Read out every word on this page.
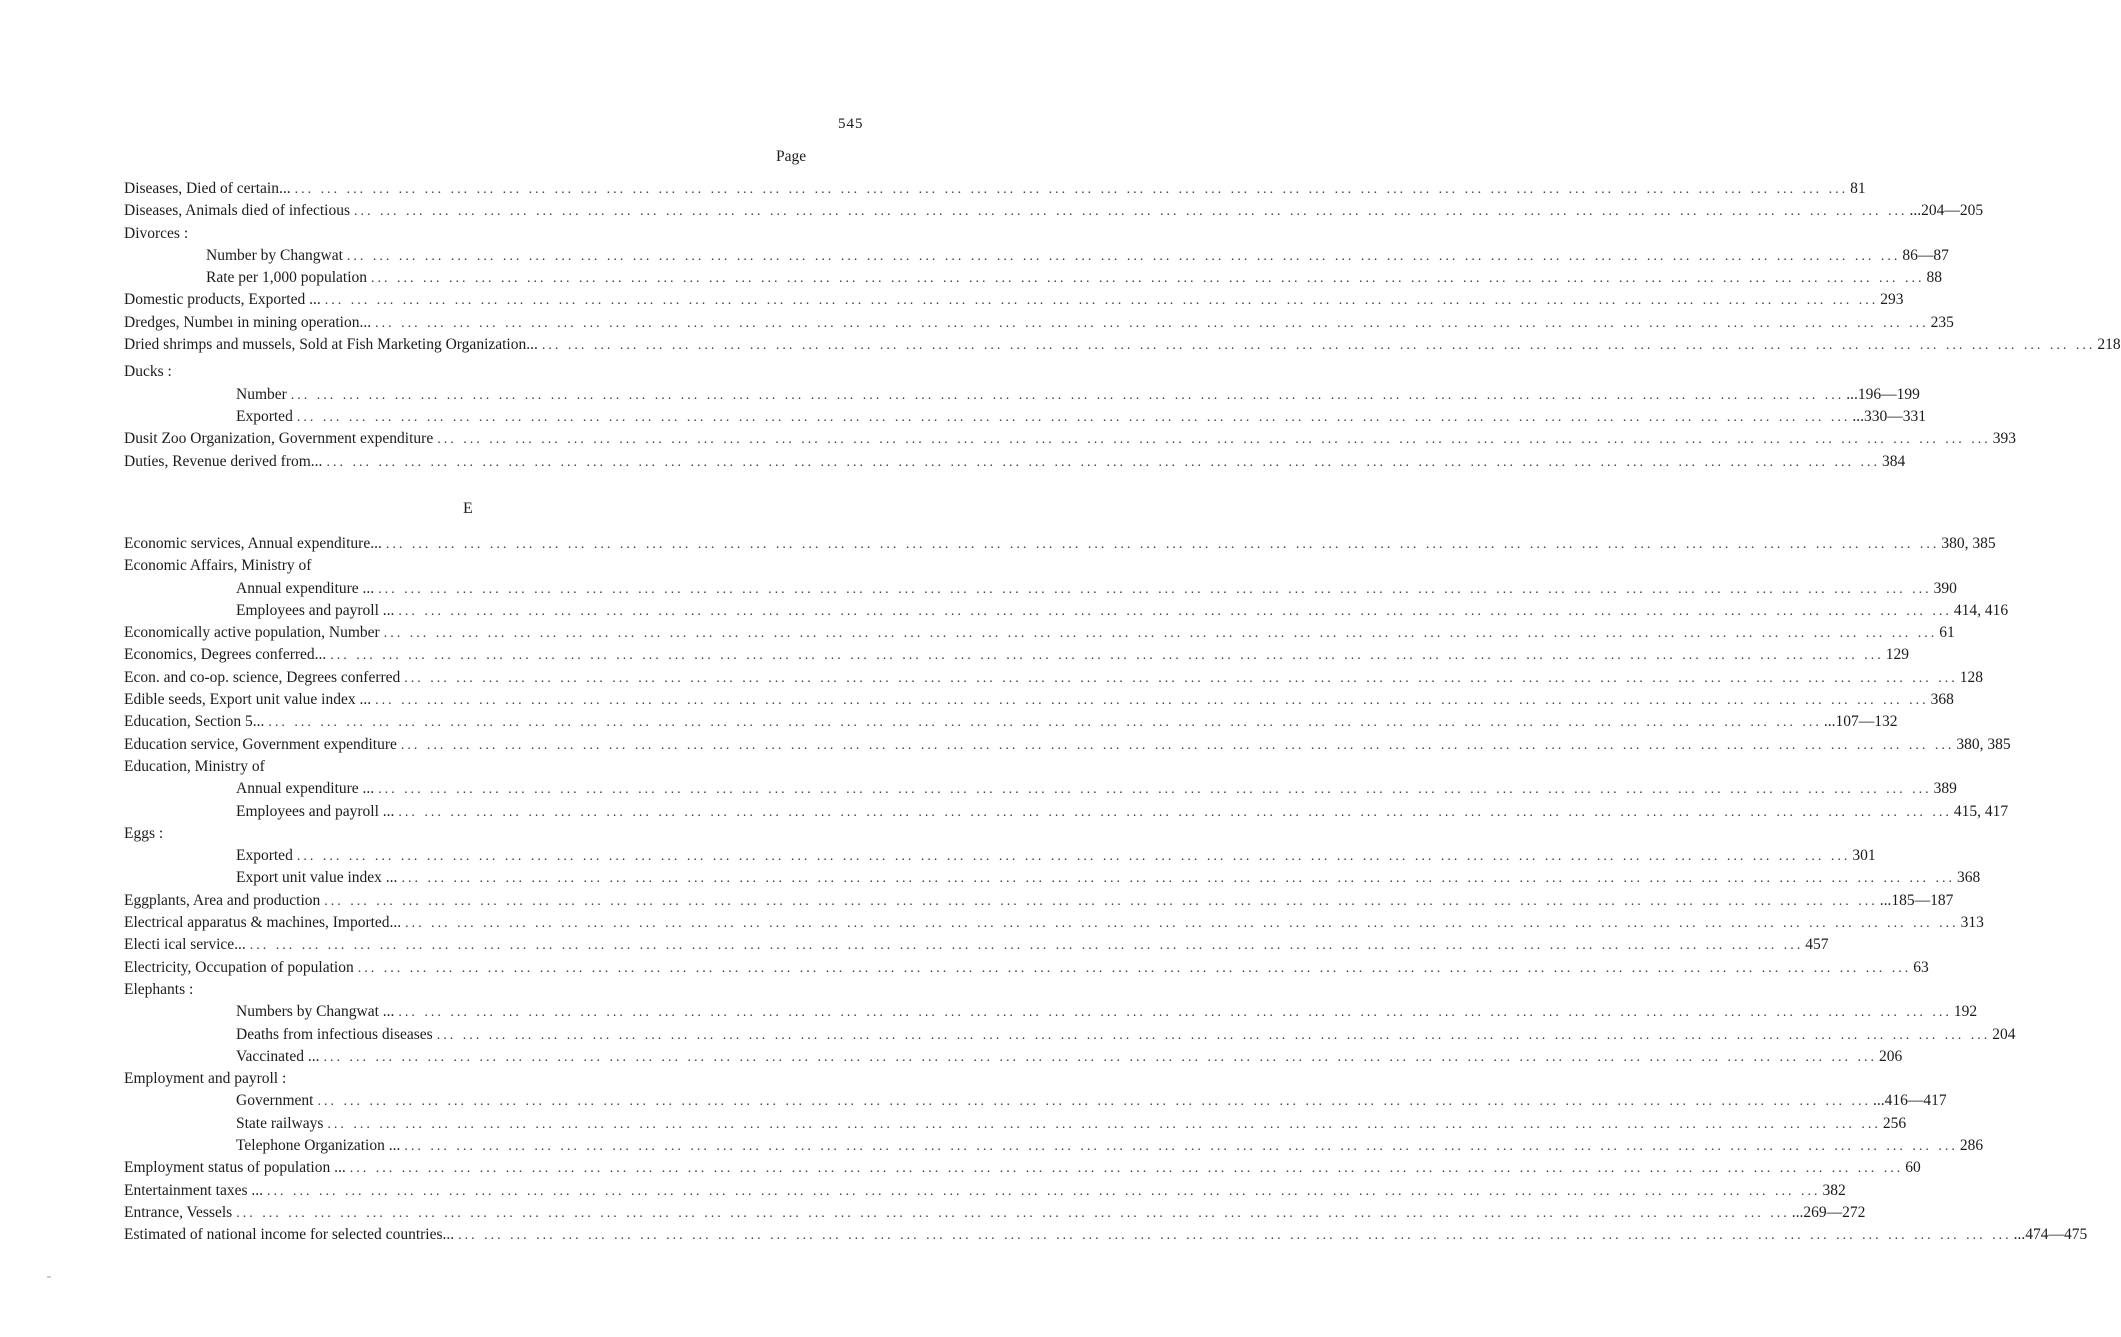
545
Page
Diseases, Died of certain... ... ... ... ... ... ... ... ... ... ... ... ... ... ... ... ... ... ... ... ... ... ... ... ... ... ... ... ... ... ... ... ... ... ... ... ... ... ... ... ... ... ... ... ... ... ... ... ... ... ... ... ... ... ... ... ... ... ... ... ... 81
Diseases, Animals died of infectious ... ... ... ... ... ... ... ... ... ... ... ... ... ... ... ... ... ... ... ... ... ... ... ... ... ... ... ... ... ... ... ... ... ... ... ... ... ... ... ... ... ... ... ... ... ... ... ... ... ... ... ... ... ... ... ... ... ... ... ... ...204—205
Divorces :
Number by Changwat ... ... ... ... ... ... ... ... ... ... ... ... ... ... ... ... ... ... ... ... ... ... ... ... ... ... ... ... ... ... ... ... ... ... ... ... ... ... ... ... ... ... ... ... ... ... ... ... ... ... ... ... ... ... ... ... ... ... ... ... 86—87
Rate per 1,000 population ... ... ... ... ... ... ... ... ... ... ... ... ... ... ... ... ... ... ... ... ... ... ... ... ... ... ... ... ... ... ... ... ... ... ... ... ... ... ... ... ... ... ... ... ... ... ... ... ... ... ... ... ... ... ... ... ... ... ... ... 88
Domestic products, Exported ... ... ... ... ... ... ... ... ... ... ... ... ... ... ... ... ... ... ... ... ... ... ... ... ... ... ... ... ... ... ... ... ... ... ... ... ... ... ... ... ... ... ... ... ... ... ... ... ... ... ... ... ... ... ... ... ... ... ... ... ... 293
Dredges, Numbeı in mining operation... ... ... ... ... ... ... ... ... ... ... ... ... ... ... ... ... ... ... ... ... ... ... ... ... ... ... ... ... ... ... ... ... ... ... ... ... ... ... ... ... ... ... ... ... ... ... ... ... ... ... ... ... ... ... ... ... ... ... ... ... 235
Dried shrimps and mussels, Sold at Fish Marketing Organization... ... ... ... ... ... ... ... ... ... ... ... ... ... ... ... ... ... ... ... ... ... ... ... ... ... ... ... ... ... ... ... ... ... ... ... ... ... ... ... ... ... ... ... ... ... ... ... ... ... ... ... ... ... ... ... ... ... ... ... ... 218
Ducks :
Number ... ... ... ... ... ... ... ... ... ... ... ... ... ... ... ... ... ... ... ... ... ... ... ... ... ... ... ... ... ... ... ... ... ... ... ... ... ... ... ... ... ... ... ... ... ... ... ... ... ... ... ... ... ... ... ... ... ... ... ... ...196—199
Exported ... ... ... ... ... ... ... ... ... ... ... ... ... ... ... ... ... ... ... ... ... ... ... ... ... ... ... ... ... ... ... ... ... ... ... ... ... ... ... ... ... ... ... ... ... ... ... ... ... ... ... ... ... ... ... ... ... ... ... ... ...330—331
Dusit Zoo Organization, Government expenditure ... ... ... ... ... ... ... ... ... ... ... ... ... ... ... ... ... ... ... ... ... ... ... ... ... ... ... ... ... ... ... ... ... ... ... ... ... ... ... ... ... ... ... ... ... ... ... ... ... ... ... ... ... ... ... ... ... ... ... ... 393
Duties, Revenue derived from... ... ... ... ... ... ... ... ... ... ... ... ... ... ... ... ... ... ... ... ... ... ... ... ... ... ... ... ... ... ... ... ... ... ... ... ... ... ... ... ... ... ... ... ... ... ... ... ... ... ... ... ... ... ... ... ... ... ... ... ... 384
E
Economic services, Annual expenditure... ... ... ... ... ... ... ... ... ... ... ... ... ... ... ... ... ... ... ... ... ... ... ... ... ... ... ... ... ... ... ... ... ... ... ... ... ... ... ... ... ... ... ... ... ... ... ... ... ... ... ... ... ... ... ... ... ... ... ... ... 380, 385
Economic Affairs, Ministry of
Annual expenditure ... ... ... ... ... ... ... ... ... ... ... ... ... ... ... ... ... ... ... ... ... ... ... ... ... ... ... ... ... ... ... ... ... ... ... ... ... ... ... ... ... ... ... ... ... ... ... ... ... ... ... ... ... ... ... ... ... ... ... ... ... 390
Employees and payroll ... ... ... ... ... ... ... ... ... ... ... ... ... ... ... ... ... ... ... ... ... ... ... ... ... ... ... ... ... ... ... ... ... ... ... ... ... ... ... ... ... ... ... ... ... ... ... ... ... ... ... ... ... ... ... ... ... ... ... ... ... 414, 416
Economically active population, Number ... ... ... ... ... ... ... ... ... ... ... ... ... ... ... ... ... ... ... ... ... ... ... ... ... ... ... ... ... ... ... ... ... ... ... ... ... ... ... ... ... ... ... ... ... ... ... ... ... ... ... ... ... ... ... ... ... ... ... ... 61
Economics, Degrees conferred... ... ... ... ... ... ... ... ... ... ... ... ... ... ... ... ... ... ... ... ... ... ... ... ... ... ... ... ... ... ... ... ... ... ... ... ... ... ... ... ... ... ... ... ... ... ... ... ... ... ... ... ... ... ... ... ... ... ... ... ... 129
Econ. and co-op. science, Degrees conferred ... ... ... ... ... ... ... ... ... ... ... ... ... ... ... ... ... ... ... ... ... ... ... ... ... ... ... ... ... ... ... ... ... ... ... ... ... ... ... ... ... ... ... ... ... ... ... ... ... ... ... ... ... ... ... ... ... ... ... ... 128
Edible seeds, Export unit value index ... ... ... ... ... ... ... ... ... ... ... ... ... ... ... ... ... ... ... ... ... ... ... ... ... ... ... ... ... ... ... ... ... ... ... ... ... ... ... ... ... ... ... ... ... ... ... ... ... ... ... ... ... ... ... ... ... ... ... ... ... 368
Education, Section 5... ... ... ... ... ... ... ... ... ... ... ... ... ... ... ... ... ... ... ... ... ... ... ... ... ... ... ... ... ... ... ... ... ... ... ... ... ... ... ... ... ... ... ... ... ... ... ... ... ... ... ... ... ... ... ... ... ... ... ... ... ...107—132
Education service, Government expenditure ... ... ... ... ... ... ... ... ... ... ... ... ... ... ... ... ... ... ... ... ... ... ... ... ... ... ... ... ... ... ... ... ... ... ... ... ... ... ... ... ... ... ... ... ... ... ... ... ... ... ... ... ... ... ... ... ... ... ... ... 380, 385
Education, Ministry of
Annual expenditure ... ... ... ... ... ... ... ... ... ... ... ... ... ... ... ... ... ... ... ... ... ... ... ... ... ... ... ... ... ... ... ... ... ... ... ... ... ... ... ... ... ... ... ... ... ... ... ... ... ... ... ... ... ... ... ... ... ... ... ... ... 389
Employees and payroll ... ... ... ... ... ... ... ... ... ... ... ... ... ... ... ... ... ... ... ... ... ... ... ... ... ... ... ... ... ... ... ... ... ... ... ... ... ... ... ... ... ... ... ... ... ... ... ... ... ... ... ... ... ... ... ... ... ... ... ... ... 415, 417
Eggs :
Exported ... ... ... ... ... ... ... ... ... ... ... ... ... ... ... ... ... ... ... ... ... ... ... ... ... ... ... ... ... ... ... ... ... ... ... ... ... ... ... ... ... ... ... ... ... ... ... ... ... ... ... ... ... ... ... ... ... ... ... ... 301
Export unit value index ... ... ... ... ... ... ... ... ... ... ... ... ... ... ... ... ... ... ... ... ... ... ... ... ... ... ... ... ... ... ... ... ... ... ... ... ... ... ... ... ... ... ... ... ... ... ... ... ... ... ... ... ... ... ... ... ... ... ... ... ... 368
Eggplants, Area and production ... ... ... ... ... ... ... ... ... ... ... ... ... ... ... ... ... ... ... ... ... ... ... ... ... ... ... ... ... ... ... ... ... ... ... ... ... ... ... ... ... ... ... ... ... ... ... ... ... ... ... ... ... ... ... ... ... ... ... ... ...185—187
Electrical apparatus & machines, Imported... ... ... ... ... ... ... ... ... ... ... ... ... ... ... ... ... ... ... ... ... ... ... ... ... ... ... ... ... ... ... ... ... ... ... ... ... ... ... ... ... ... ... ... ... ... ... ... ... ... ... ... ... ... ... ... ... ... ... ... ... 313
Electi ical service... ... ... ... ... ... ... ... ... ... ... ... ... ... ... ... ... ... ... ... ... ... ... ... ... ... ... ... ... ... ... ... ... ... ... ... ... ... ... ... ... ... ... ... ... ... ... ... ... ... ... ... ... ... ... ... ... ... ... ... ... 457
Electricity, Occupation of population ... ... ... ... ... ... ... ... ... ... ... ... ... ... ... ... ... ... ... ... ... ... ... ... ... ... ... ... ... ... ... ... ... ... ... ... ... ... ... ... ... ... ... ... ... ... ... ... ... ... ... ... ... ... ... ... ... ... ... ... 63
Elephants :
Numbers by Changwat ... ... ... ... ... ... ... ... ... ... ... ... ... ... ... ... ... ... ... ... ... ... ... ... ... ... ... ... ... ... ... ... ... ... ... ... ... ... ... ... ... ... ... ... ... ... ... ... ... ... ... ... ... ... ... ... ... ... ... ... ... 192
Deaths from infectious diseases ... ... ... ... ... ... ... ... ... ... ... ... ... ... ... ... ... ... ... ... ... ... ... ... ... ... ... ... ... ... ... ... ... ... ... ... ... ... ... ... ... ... ... ... ... ... ... ... ... ... ... ... ... ... ... ... ... ... ... ... 204
Vaccinated ... ... ... ... ... ... ... ... ... ... ... ... ... ... ... ... ... ... ... ... ... ... ... ... ... ... ... ... ... ... ... ... ... ... ... ... ... ... ... ... ... ... ... ... ... ... ... ... ... ... ... ... ... ... ... ... ... ... ... ... ... 206
Employment and payroll :
Government ... ... ... ... ... ... ... ... ... ... ... ... ... ... ... ... ... ... ... ... ... ... ... ... ... ... ... ... ... ... ... ... ... ... ... ... ... ... ... ... ... ... ... ... ... ... ... ... ... ... ... ... ... ... ... ... ... ... ... ... ...416—417
State railways ... ... ... ... ... ... ... ... ... ... ... ... ... ... ... ... ... ... ... ... ... ... ... ... ... ... ... ... ... ... ... ... ... ... ... ... ... ... ... ... ... ... ... ... ... ... ... ... ... ... ... ... ... ... ... ... ... ... ... ... 256
Telephone Organization ... ... ... ... ... ... ... ... ... ... ... ... ... ... ... ... ... ... ... ... ... ... ... ... ... ... ... ... ... ... ... ... ... ... ... ... ... ... ... ... ... ... ... ... ... ... ... ... ... ... ... ... ... ... ... ... ... ... ... ... ... 286
Employment status of population ... ... ... ... ... ... ... ... ... ... ... ... ... ... ... ... ... ... ... ... ... ... ... ... ... ... ... ... ... ... ... ... ... ... ... ... ... ... ... ... ... ... ... ... ... ... ... ... ... ... ... ... ... ... ... ... ... ... ... ... ... 60
Entertainment taxes ... ... ... ... ... ... ... ... ... ... ... ... ... ... ... ... ... ... ... ... ... ... ... ... ... ... ... ... ... ... ... ... ... ... ... ... ... ... ... ... ... ... ... ... ... ... ... ... ... ... ... ... ... ... ... ... ... ... ... ... ... 382
Entrance, Vessels ... ... ... ... ... ... ... ... ... ... ... ... ... ... ... ... ... ... ... ... ... ... ... ... ... ... ... ... ... ... ... ... ... ... ... ... ... ... ... ... ... ... ... ... ... ... ... ... ... ... ... ... ... ... ... ... ... ... ... ... ...269—272
Estimated of national income for selected countries... ... ... ... ... ... ... ... ... ... ... ... ... ... ... ... ... ... ... ... ... ... ... ... ... ... ... ... ... ... ... ... ... ... ... ... ... ... ... ... ... ... ... ... ... ... ... ... ... ... ... ... ... ... ... ... ... ... ... ... ... ...474—475
